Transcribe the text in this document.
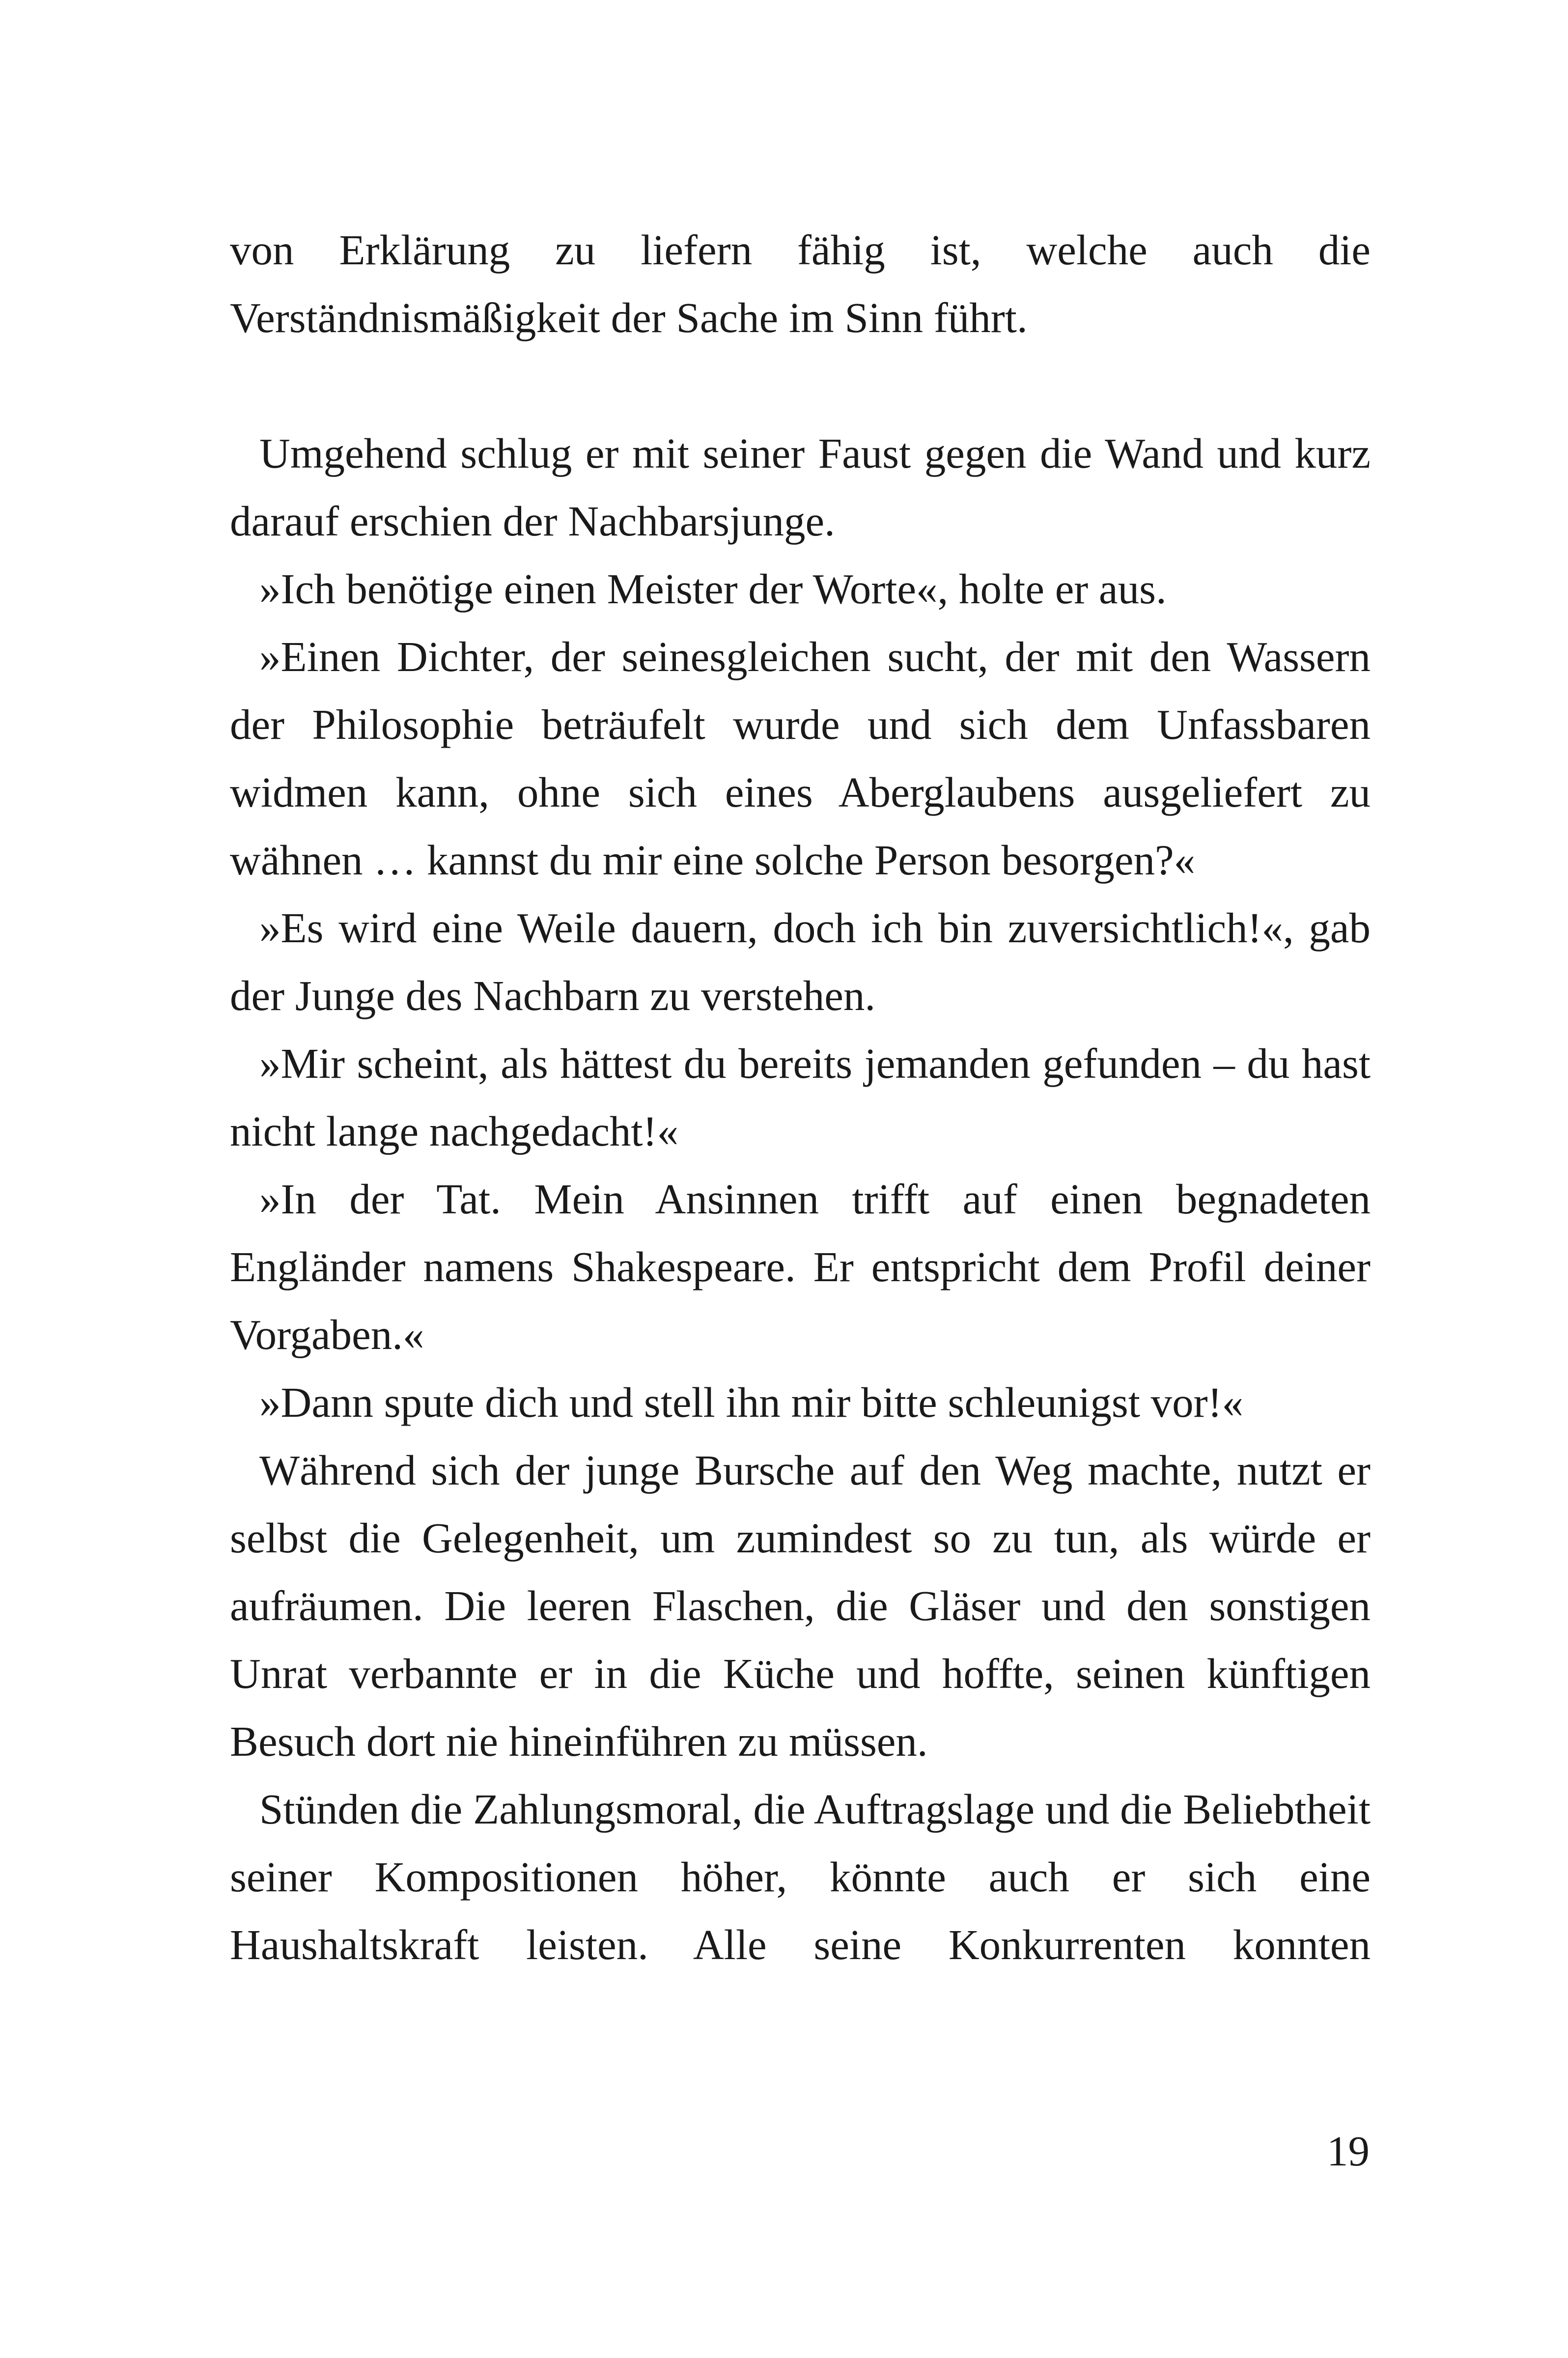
von Erklärung zu liefern fähig ist, welche auch die Verständnismäßigkeit der Sache im Sinn führt.

Umgehend schlug er mit seiner Faust gegen die Wand und kurz darauf erschien der Nachbarsjunge.

»Ich benötige einen Meister der Worte«, holte er aus.

»Einen Dichter, der seinesgleichen sucht, der mit den Wassern der Philosophie beträufelt wurde und sich dem Unfassbaren widmen kann, ohne sich eines Aberglaubens ausgeliefert zu wähnen … kannst du mir eine solche Person besorgen?«

»Es wird eine Weile dauern, doch ich bin zuversichtlich!«, gab der Junge des Nachbarn zu verstehen.

»Mir scheint, als hättest du bereits jemanden gefunden – du hast nicht lange nachgedacht!«

»In der Tat. Mein Ansinnen trifft auf einen begnadeten Engländer namens Shakespeare. Er entspricht dem Profil deiner Vorgaben.«

»Dann spute dich und stell ihn mir bitte schleunigst vor!«

Während sich der junge Bursche auf den Weg machte, nutzt er selbst die Gelegenheit, um zumindest so zu tun, als würde er aufräumen. Die leeren Flaschen, die Gläser und den sonstigen Unrat verbannte er in die Küche und hoffte, seinen künftigen Besuch dort nie hineinführen zu müssen.

Stünden die Zahlungsmoral, die Auftragslage und die Beliebtheit seiner Kompositionen höher, könnte auch er sich eine Haushaltskraft leisten. Alle seine Konkurrenten konnten

19
